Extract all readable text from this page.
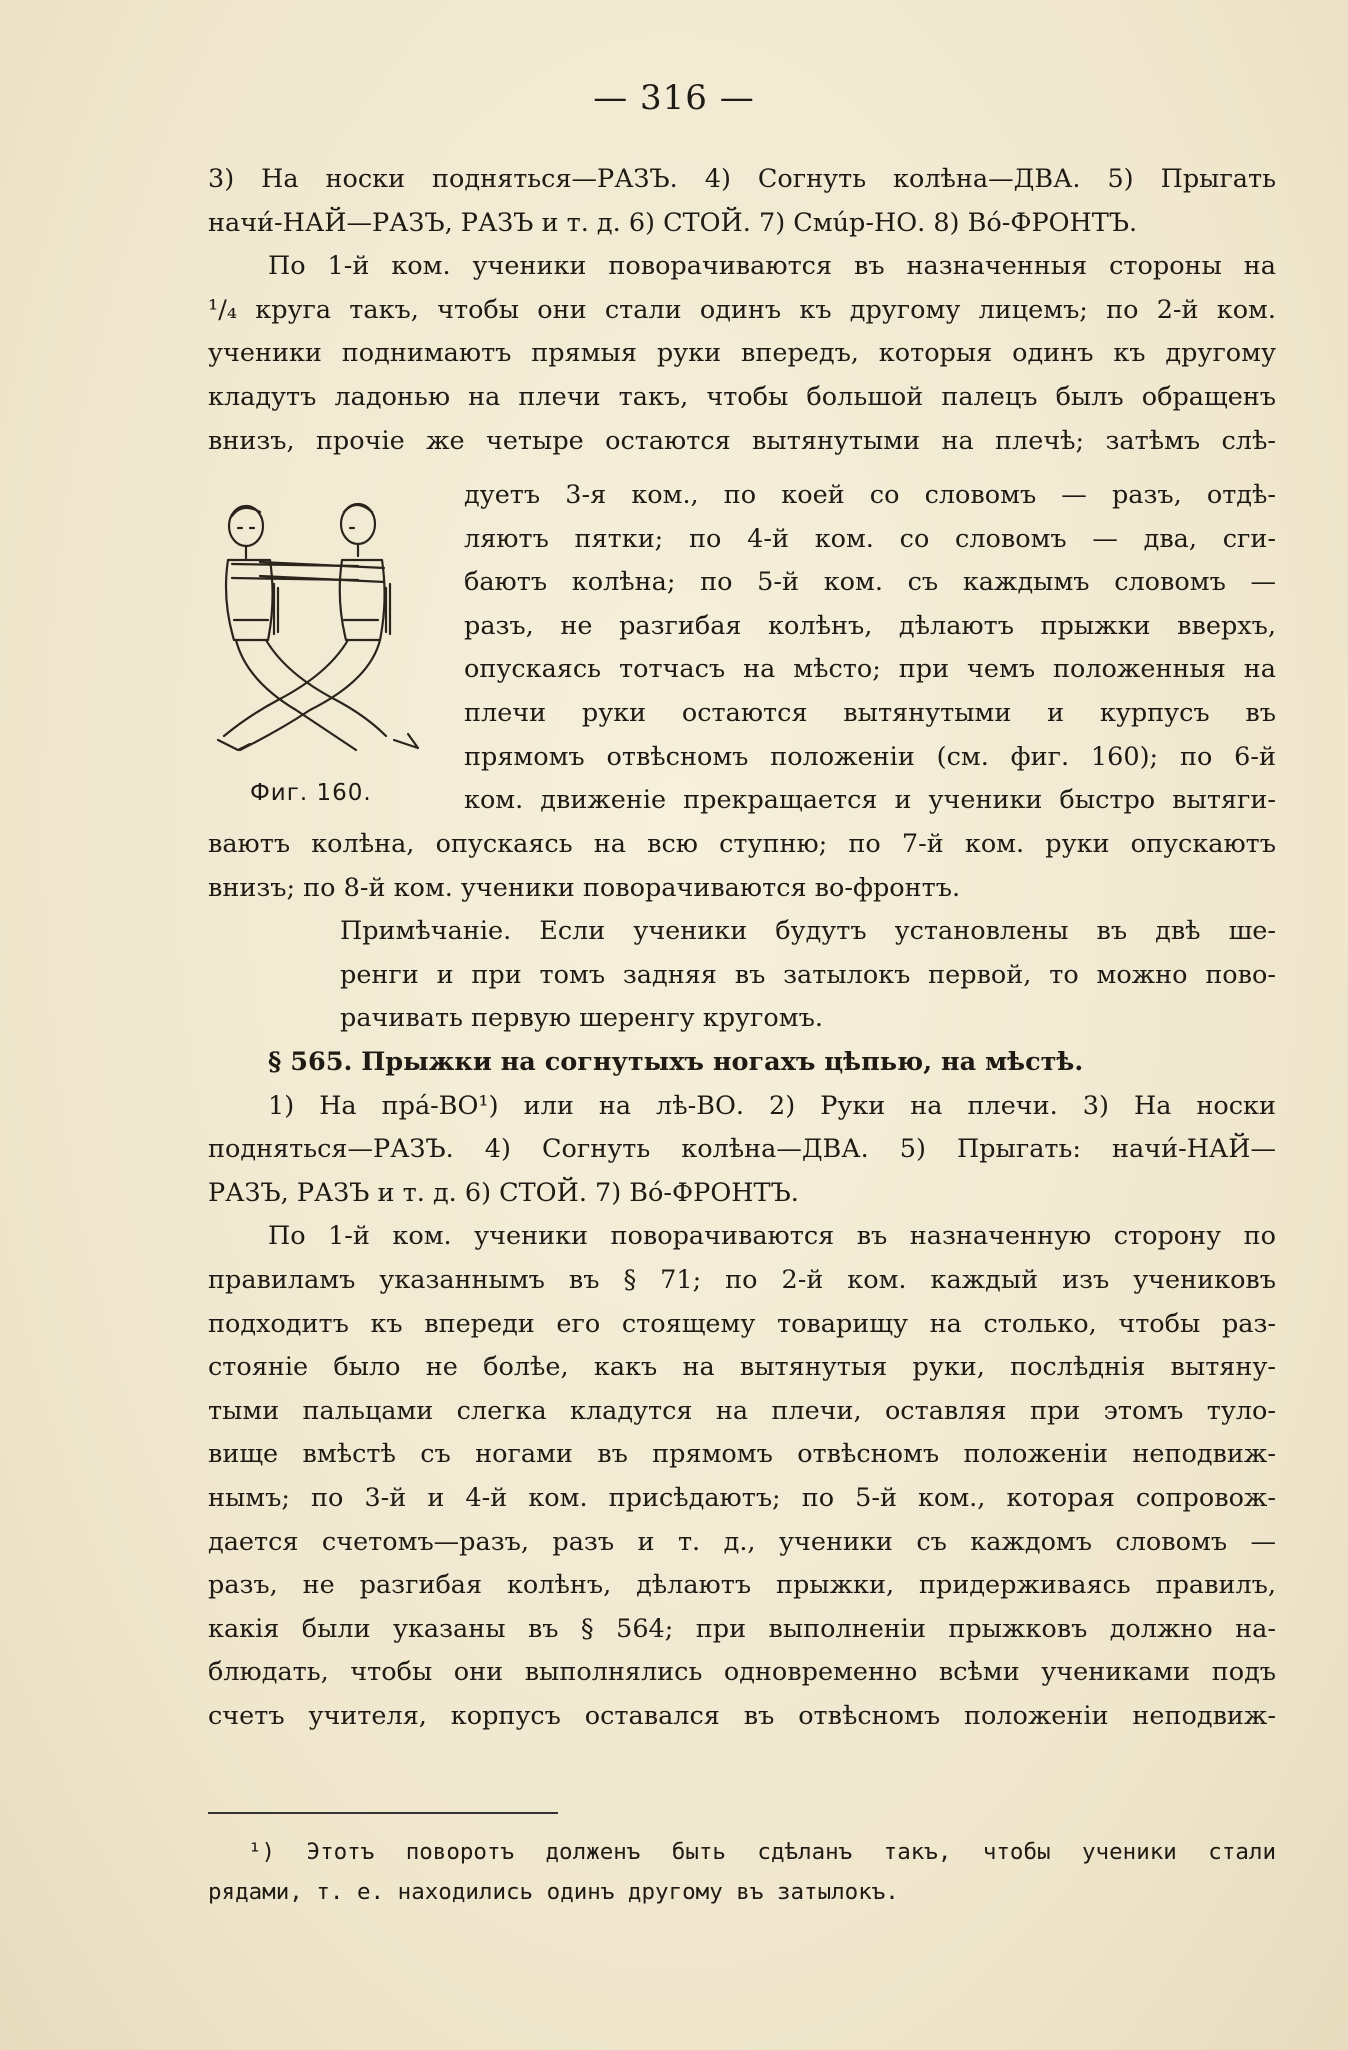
— 316 —
3) На носки подняться—РАЗЪ. 4) Согнуть колѣна—ДВА. 5) Прыгать
начи́-НАЙ—РАЗЪ, РАЗЪ и т. д. 6) СТОЙ. 7) Смúр-НО. 8) Вó-ФРОНТЪ.
По 1-й ком. ученики поворачиваются въ назначенныя стороны на
¹/₄ круга такъ, чтобы они стали одинъ къ другому лицемъ; по 2-й ком.
ученики поднимаютъ прямыя руки впередъ, которыя одинъ къ другому
кладутъ ладонью на плечи такъ, чтобы большой палецъ былъ обращенъ
внизъ, прочіе же четыре остаются вытянутыми на плечѣ; затѣмъ слѣ-
Фиг. 160.
дуетъ 3-я ком., по коей со словомъ — разъ, отдѣ-
ляютъ пятки; по 4-й ком. со словомъ — два, сги-
баютъ колѣна; по 5-й ком. съ каждымъ словомъ —
разъ, не разгибая колѣнъ, дѣлаютъ прыжки вверхъ,
опускаясь тотчасъ на мѣсто; при чемъ положенныя на
плечи руки остаются вытянутыми и курпусъ въ
прямомъ отвѣсномъ положеніи (см. фиг. 160); по 6-й
ком. движеніе прекращается и ученики быстро вытяги-
ваютъ колѣна, опускаясь на всю ступню; по 7-й ком. руки опускаютъ
внизъ; по 8-й ком. ученики поворачиваются во-фронтъ.
Примѣчаніе. Если ученики будутъ установлены въ двѣ ше-
ренги и при томъ задняя въ затылокъ первой, то можно пово-
рачивать первую шеренгу кругомъ.
§ 565. Прыжки на согнутыхъ ногахъ цѣпью, на мѣстѣ.
1) На прá-ВО¹) или на лѣ-ВО. 2) Руки на плечи. 3) На носки
подняться—РАЗЪ. 4) Согнуть колѣна—ДВА. 5) Прыгать: начи́-НАЙ—
РАЗЪ, РАЗЪ и т. д. 6) СТОЙ. 7) Вó-ФРОНТЪ.
По 1-й ком. ученики поворачиваются въ назначенную сторону по
правиламъ указаннымъ въ § 71; по 2-й ком. каждый изъ учениковъ
подходитъ къ впереди его стоящему товарищу на столько, чтобы раз-
стояніе было не болѣе, какъ на вытянутыя руки, послѣднія вытяну-
тыми пальцами слегка кладутся на плечи, оставляя при этомъ туло-
вище вмѣстѣ съ ногами въ прямомъ отвѣсномъ положеніи неподвиж-
нымъ; по 3-й и 4-й ком. присѣдаютъ; по 5-й ком., которая сопровож-
дается счетомъ—разъ, разъ и т. д., ученики съ каждомъ словомъ —
разъ, не разгибая колѣнъ, дѣлаютъ прыжки, придерживаясь правилъ,
какія были указаны въ § 564; при выполненіи прыжковъ должно на-
блюдать, чтобы они выполнялись одновременно всѣми учениками подъ
счетъ учителя, корпусъ оставался въ отвѣсномъ положеніи неподвиж-
¹) Этотъ поворотъ долженъ быть сдѣланъ такъ, чтобы ученики стали
рядами, т. е. находились одинъ другому въ затылокъ.
